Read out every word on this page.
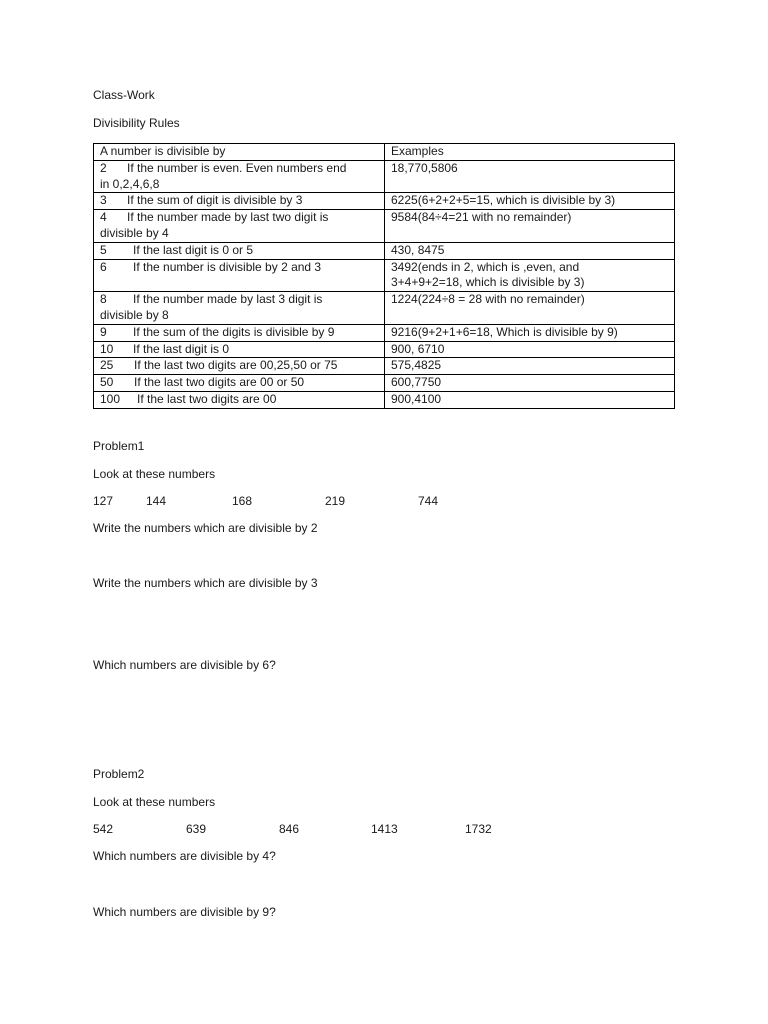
Class-Work
Divisibility Rules
A number is divisible by	Examples
2 If the number is even. Even numbers end
in 0,2,4,6,8	18,770,5806
3 If the sum of digit is divisible by 3	6225(6+2+2+5=15, which is divisible by 3)
4 If the number made by last two digit is
divisible by 4	9584(84÷4=21 with no remainder)
5 If the last digit is 0 or 5	430, 8475
6 If the number is divisible by 2 and 3	3492(ends in 2, which is ,even, and
3+4+9+2=18, which is divisible by 3)
8 If the number made by last 3 digit is
divisible by 8	1224(224÷8 = 28 with no remainder)
9 If the sum of the digits is divisible by 9	9216(9+2+1+6=18, Which is divisible by 9)
10 If the last digit is 0	900, 6710
25 If the last two digits are 00,25,50 or 75	575,4825
50 If the last two digits are 00 or 50	600,7750
100 If the last two digits are 00	900,4100
Problem1
Look at these numbers
127	144	168	219	744
Write the numbers which are divisible by 2
Write the numbers which are divisible by 3
Which numbers are divisible by 6?
Problem2
Look at these numbers
542	639	846	1413	1732
Which numbers are divisible by 4?
Which numbers are divisible by 9?
